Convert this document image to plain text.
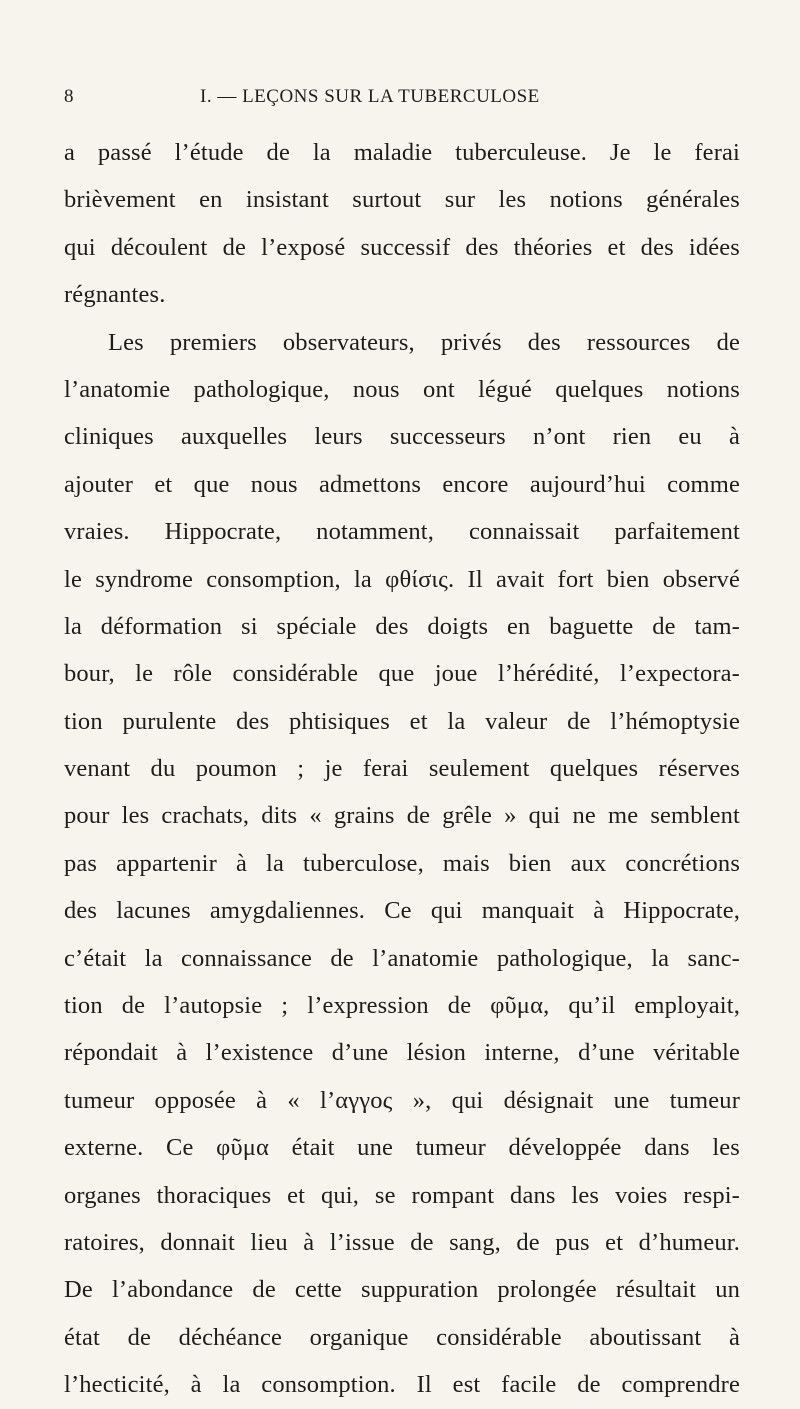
8	I. — LEÇONS SUR LA TUBERCULOSE
a passé l’étude de la maladie tuberculeuse. Je le ferai
brièvement en insistant surtout sur les notions générales
qui découlent de l’exposé successif des théories et des idées
régnantes.
Les premiers observateurs, privés des ressources de
l’anatomie pathologique, nous ont légué quelques notions
cliniques auxquelles leurs successeurs n’ont rien eu à
ajouter et que nous admettons encore aujourd’hui comme
vraies. Hippocrate, notamment, connaissait parfaitement
le syndrome consomption, la φθίσις. Il avait fort bien observé
la déformation si spéciale des doigts en baguette de tam-
bour, le rôle considérable que joue l’hérédité, l’expectora-
tion purulente des phtisiques et la valeur de l’hémoptysie
venant du poumon ; je ferai seulement quelques réserves
pour les crachats, dits « grains de grêle » qui ne me semblent
pas appartenir à la tuberculose, mais bien aux concrétions
des lacunes amygdaliennes. Ce qui manquait à Hippocrate,
c’était la connaissance de l’anatomie pathologique, la sanc-
tion de l’autopsie ; l’expression de φῦμα, qu’il employait,
répondait à l’existence d’une lésion interne, d’une véritable
tumeur opposée à « l’αγγος », qui désignait une tumeur
externe. Ce φῦμα était une tumeur développée dans les
organes thoraciques et qui, se rompant dans les voies respi-
ratoires, donnait lieu à l’issue de sang, de pus et d’humeur.
De l’abondance de cette suppuration prolongée résultait un
état de déchéance organique considérable aboutissant à
l’hecticité, à la consomption. Il est facile de comprendre
